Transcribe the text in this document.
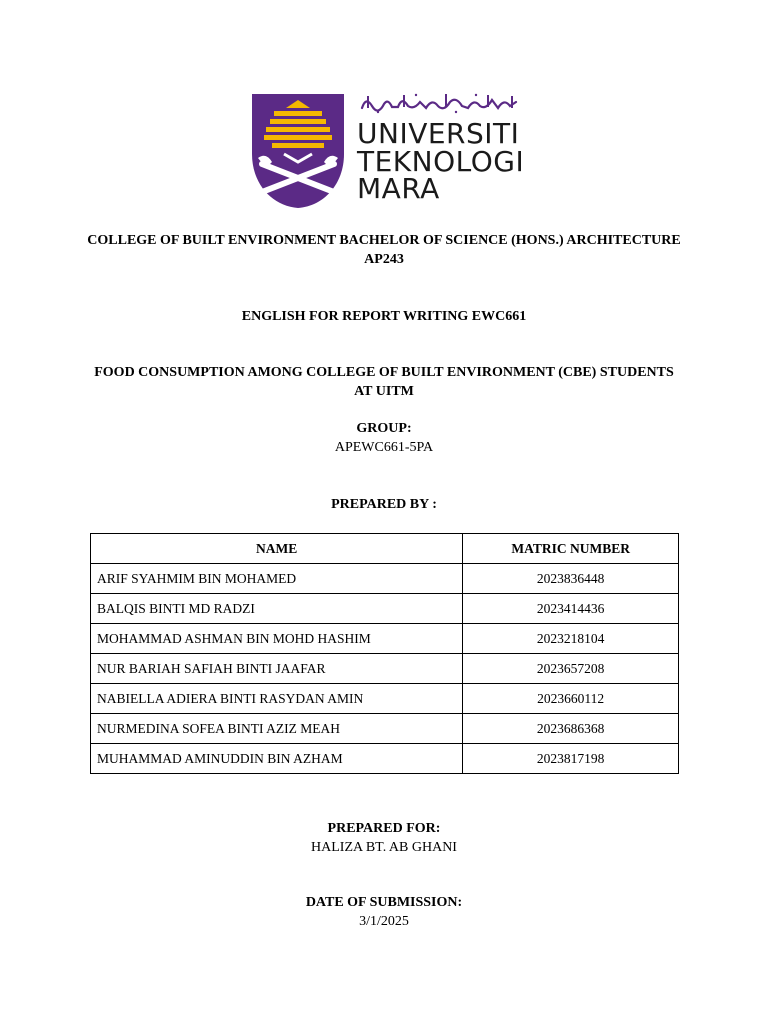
UNIVERSITI
TEKNOLOGI
MARA
COLLEGE OF BUILT ENVIRONMENT BACHELOR OF SCIENCE (HONS.) ARCHITECTURE
AP243
ENGLISH FOR REPORT WRITING EWC661
FOOD CONSUMPTION AMONG COLLEGE OF BUILT ENVIRONMENT (CBE) STUDENTS
AT UITM
GROUP:
APEWC661-5PA
PREPARED BY :
NAME	MATRIC NUMBER
ARIF SYAHMIM BIN MOHAMED	2023836448
BALQIS BINTI MD RADZI	2023414436
MOHAMMAD ASHMAN BIN MOHD HASHIM	2023218104
NUR BARIAH SAFIAH BINTI JAAFAR	2023657208
NABIELLA ADIERA BINTI RASYDAN AMIN	2023660112
NURMEDINA SOFEA BINTI AZIZ MEAH	2023686368
MUHAMMAD AMINUDDIN BIN AZHAM	2023817198
PREPARED FOR:
HALIZA BT. AB GHANI
DATE OF SUBMISSION:
3/1/2025
